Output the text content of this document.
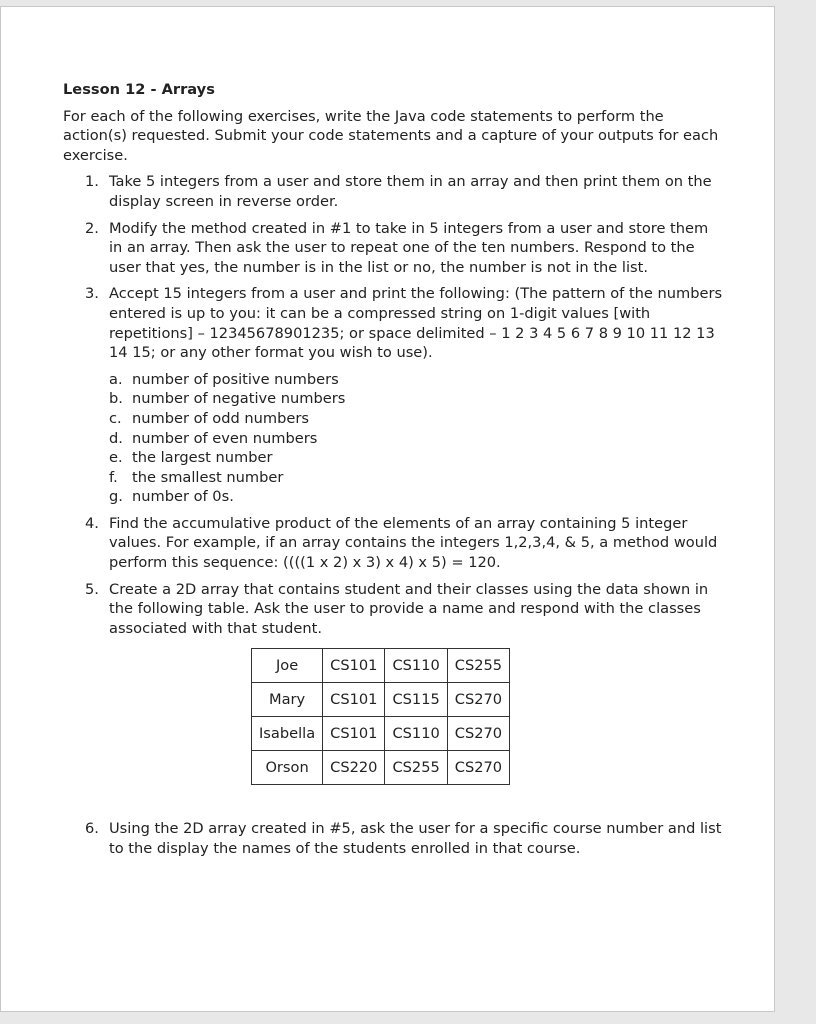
Lesson 12 - Arrays
For each of the following exercises, write the Java code statements to perform the action(s) requested. Submit your code statements and a capture of your outputs for each exercise.
1. Take 5 integers from a user and store them in an array and then print them on the display screen in reverse order.
2. Modify the method created in #1 to take in 5 integers from a user and store them in an array. Then ask the user to repeat one of the ten numbers. Respond to the user that yes, the number is in the list or no, the number is not in the list.
3. Accept 15 integers from a user and print the following: (The pattern of the numbers entered is up to you: it can be a compressed string on 1-digit values [with repetitions] – 12345678901235; or space delimited – 1 2 3 4 5 6 7 8 9 10 11 12 13 14 15; or any other format you wish to use).
a. number of positive numbers
b. number of negative numbers
c. number of odd numbers
d. number of even numbers
e. the largest number
f. the smallest number
g. number of 0s.
4. Find the accumulative product of the elements of an array containing 5 integer values. For example, if an array contains the integers 1,2,3,4, & 5, a method would perform this sequence: ((((1 x 2) x 3) x 4) x 5) = 120.
5. Create a 2D array that contains student and their classes using the data shown in the following table. Ask the user to provide a name and respond with the classes associated with that student.
Joe	CS101	CS110	CS255
Mary	CS101	CS115	CS270
Isabella	CS101	CS110	CS270
Orson	CS220	CS255	CS270
6. Using the 2D array created in #5, ask the user for a specific course number and list to the display the names of the students enrolled in that course.
